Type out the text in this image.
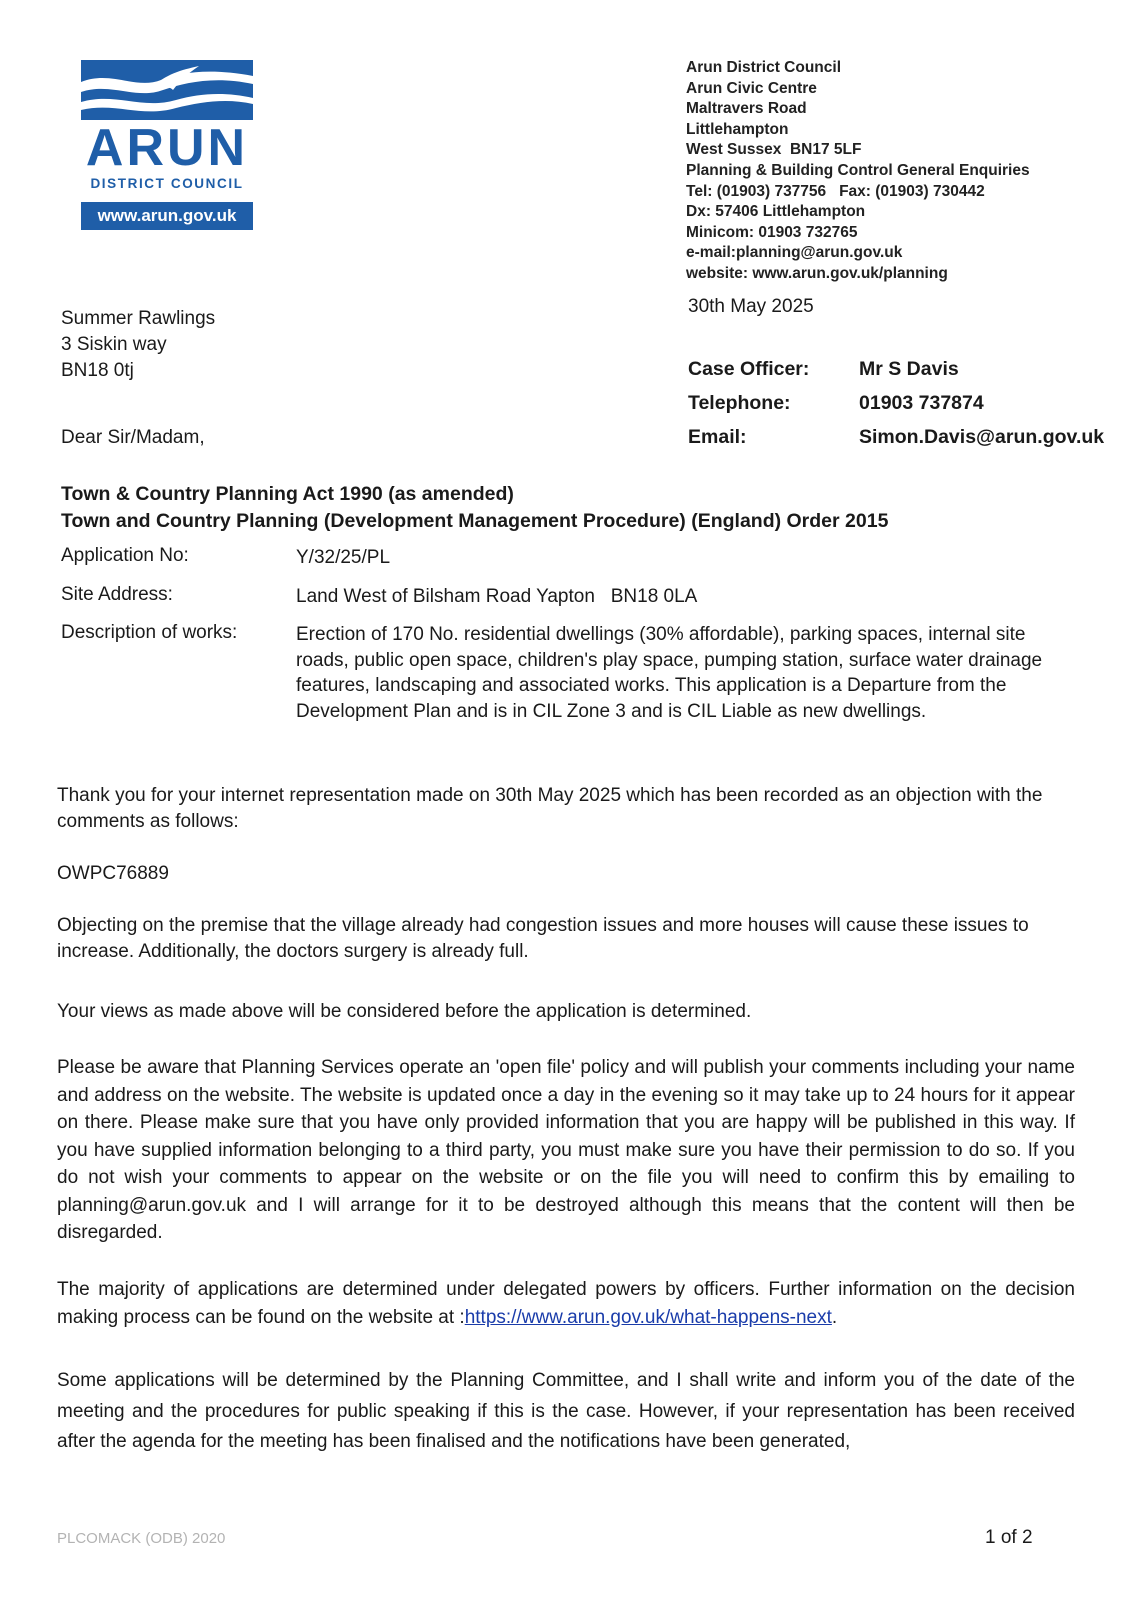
ARUN
DISTRICT COUNCIL
www.arun.gov.uk
Arun District Council
Arun Civic Centre
Maltravers Road
Littlehampton
West Sussex  BN17 5LF
Planning & Building Control General Enquiries
Tel: (01903) 737756   Fax: (01903) 730442
Dx: 57406 Littlehampton
Minicom: 01903 732765
e-mail:planning@arun.gov.uk
website: www.arun.gov.uk/planning
30th May 2025
Summer Rawlings
3 Siskin way
BN18 0tj
Dear Sir/Madam,
Case Officer:	Mr S Davis
Telephone:	01903 737874
Email:	Simon.Davis@arun.gov.uk
Town & Country Planning Act 1990 (as amended)
Town and Country Planning (Development Management Procedure) (England) Order 2015
Application No:	Y/32/25/PL
Site Address:	Land West of Bilsham Road Yapton   BN18 0LA
Description of works:	Erection of 170 No. residential dwellings (30% affordable), parking spaces, internal site roads, public open space, children's play space, pumping station, surface water drainage features, landscaping and associated works. This application is a Departure from the Development Plan and is in CIL Zone 3 and is CIL Liable as new dwellings.
Thank you for your internet representation made on 30th May 2025 which has been recorded as an objection with the comments as follows:
OWPC76889
Objecting on the premise that the village already had congestion issues and more houses will cause these issues to increase. Additionally, the doctors surgery is already full.
Your views as made above will be considered before the application is determined.
Please be aware that Planning Services operate an 'open file' policy and will publish your comments including your name and address on the website. The website is updated once a day in the evening so it may take up to 24 hours for it appear on there. Please make sure that you have only provided information that you are happy will be published in this way. If you have supplied information belonging to a third party, you must make sure you have their permission to do so. If you do not wish your comments to appear on the website or on the file you will need to confirm this by emailing to planning@arun.gov.uk and I will arrange for it to be destroyed although this means that the content will then be disregarded.
The majority of applications are determined under delegated powers by officers. Further information on the decision making process can be found on the website at :https://www.arun.gov.uk/what-happens-next.
Some applications will be determined by the Planning Committee, and I shall write and inform you of the date of the meeting and the procedures for public speaking if this is the case. However, if your representation has been received after the agenda for the meeting has been finalised and the notifications have been generated,
PLCOMACK (ODB) 2020	1 of 2
